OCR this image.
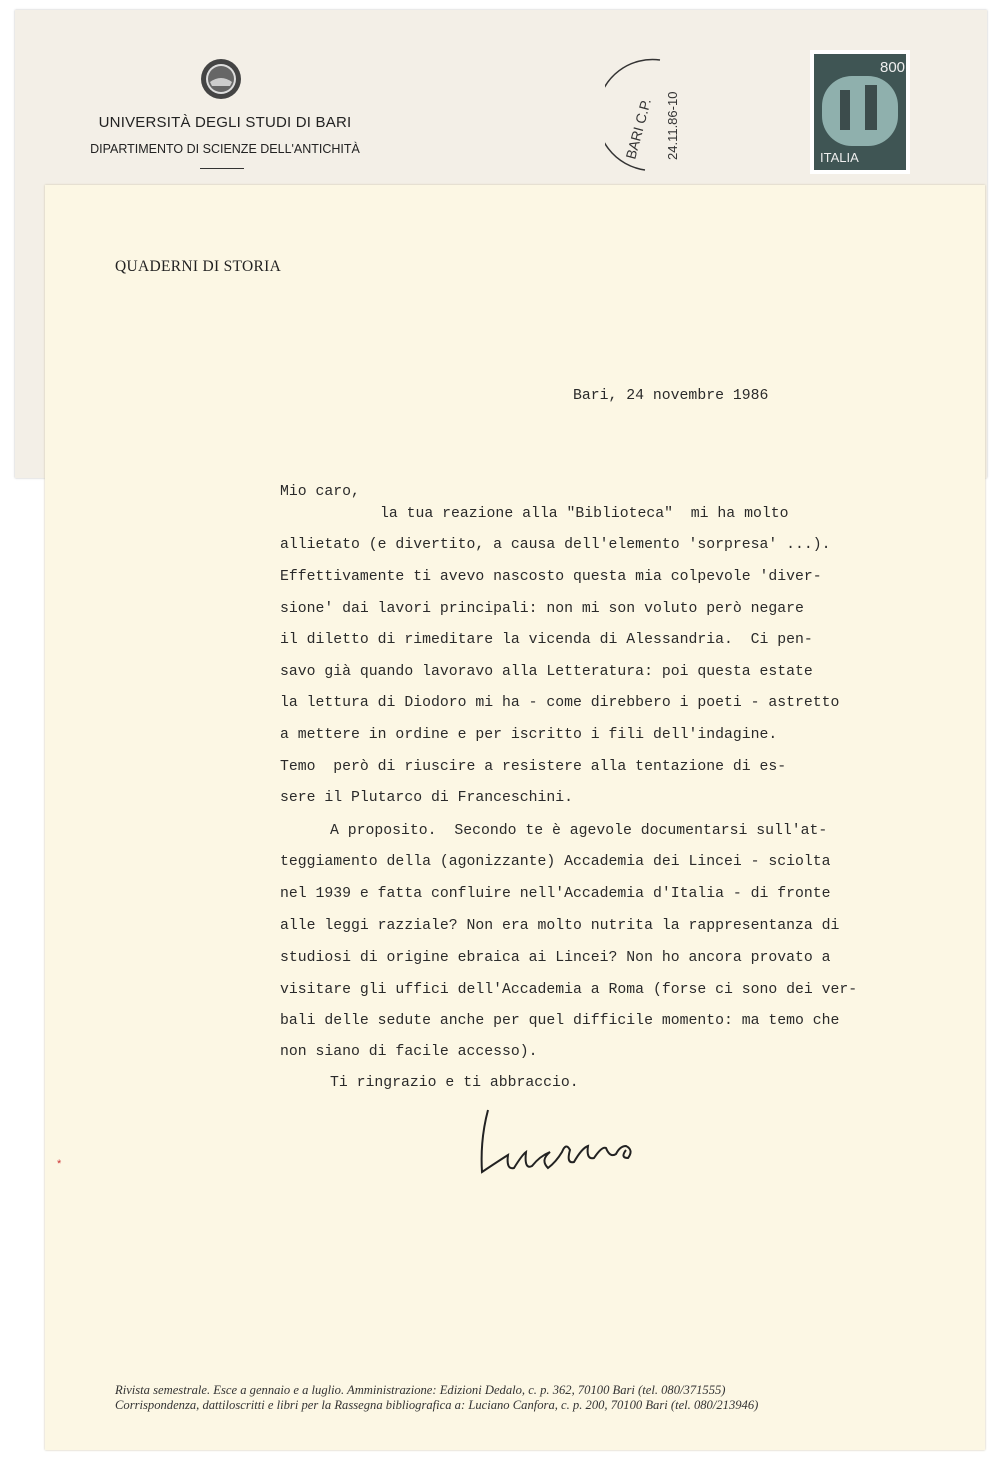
UNIVERSITÀ DEGLI STUDI DI BARI
DIPARTIMENTO DI SCIENZE DELL'ANTICHITÀ	24.11.86-10
BARI C.P.
800
ITALIA
QUADERNI DI STORIA
Bari, 24 novembre 1986
Mio caro,
la tua reazione alla "Biblioteca"  mi ha molto
allietato (e divertito, a causa dell'elemento 'sorpresa' ...).
Effettivamente ti avevo nascosto questa mia colpevole 'diver-
sione' dai lavori principali: non mi son voluto però negare
il diletto di rimeditare la vicenda di Alessandria.  Ci pen-
savo già quando lavoravo alla Letteratura: poi questa estate
la lettura di Diodoro mi ha - come direbbero i poeti - astretto
a mettere in ordine e per iscritto i fili dell'indagine.
Temo  però di riuscire a resistere alla tentazione di es-
sere il Plutarco di Franceschini.
A proposito.  Secondo te è agevole documentarsi sull'at-
teggiamento della (agonizzante) Accademia dei Lincei - sciolta
nel 1939 e fatta confluire nell'Accademia d'Italia - di fronte
alle leggi razziale? Non era molto nutrita la rappresentanza di
studiosi di origine ebraica ai Lincei? Non ho ancora provato a
visitare gli uffici dell'Accademia a Roma (forse ci sono dei ver-
bali delle sedute anche per quel difficile momento: ma temo che
non siano di facile accesso).
Ti ringrazio e ti abbraccio.
*
Rivista semestrale. Esce a gennaio e a luglio. Amministrazione: Edizioni Dedalo, c. p. 362, 70100 Bari (tel. 080/371555)
Corrispondenza, dattiloscritti e libri per la Rassegna bibliografica a: Luciano Canfora, c. p. 200, 70100 Bari (tel. 080/213946)
